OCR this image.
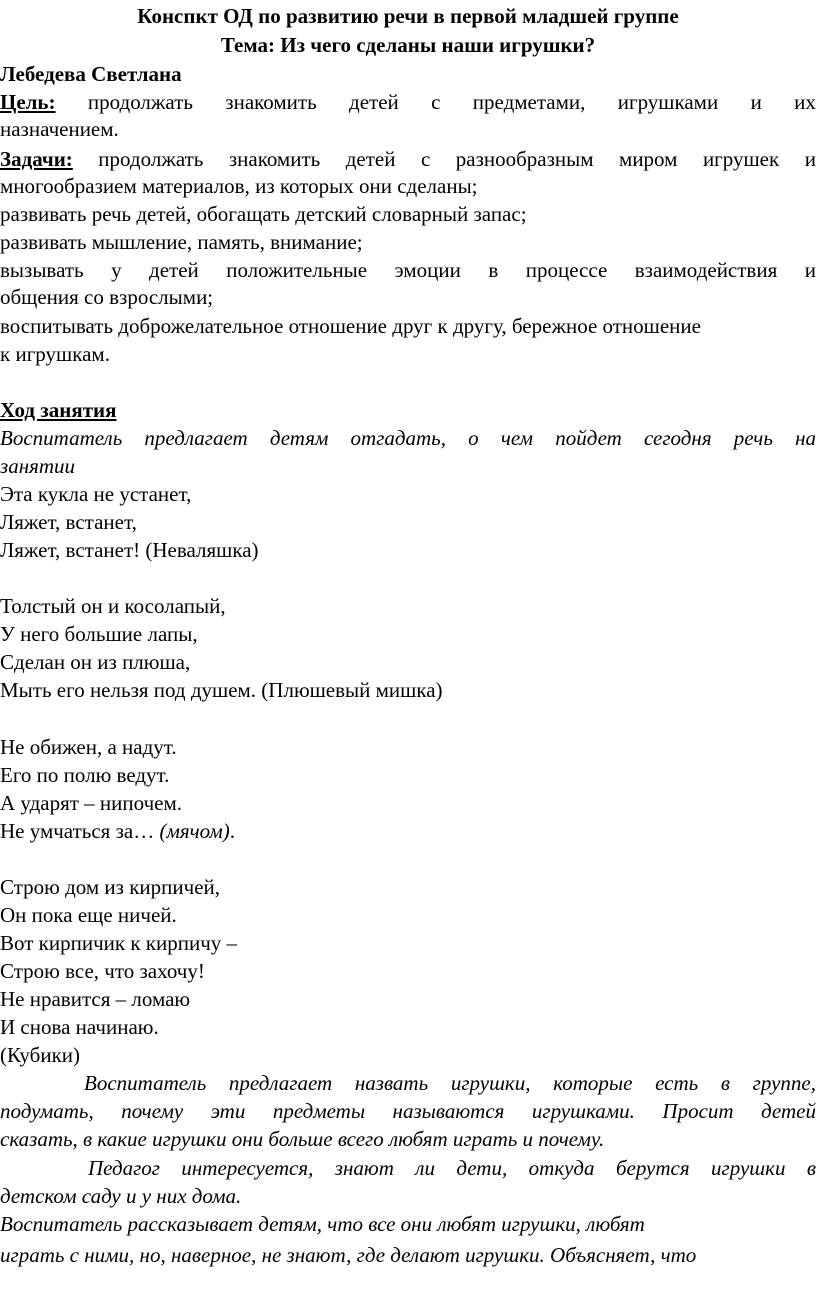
Конспкт ОД по развитию речи в первой младшей группе
Тема: Из чего сделаны наши игрушки?
Лебедева Светлана
Цель: продолжать знакомить детей с предметами, игрушками и их
назначением.
Задачи: продолжать знакомить детей с разнообразным миром игрушек и
многообразием материалов, из которых они сделаны;
развивать речь детей, обогащать детский словарный запас;
развивать мышление, память, внимание;
вызывать у детей положительные эмоции в процессе взаимодействия и
общения со взрослыми;
воспитывать доброжелательное отношение друг к другу, бережное отношение
к игрушкам.
Ход занятия
Воспитатель предлагает детям отгадать, о чем пойдет сегодня речь на
занятии
Эта кукла не устанет,
Ляжет, встанет,
Ляжет, встанет! (Неваляшка)
Толстый он и косолапый,
У него большие лапы,
Сделан он из плюша,
Мыть его нельзя под душем. (Плюшевый мишка)
Не обижен, а надут.
Его по полю ведут.
А ударят – нипочем.
Не умчаться за… (мячом).
Строю дом из кирпичей,
Он пока еще ничей.
Вот кирпичик к кирпичу –
Строю все, что захочу!
Не нравится – ломаю
И снова начинаю.
(Кубики)
Воспитатель предлагает назвать игрушки, которые есть в группе,
подумать, почему эти предметы называются игрушками. Просит детей
сказать, в какие игрушки они больше всего любят играть и почему.
Педагог интересуется, знают ли дети, откуда берутся игрушки в
детском саду и у них дома.
Воспитатель рассказывает детям, что все они любят игрушки, любят
играть с ними, но, наверное, не знают, где делают игрушки. Объясняет, что
